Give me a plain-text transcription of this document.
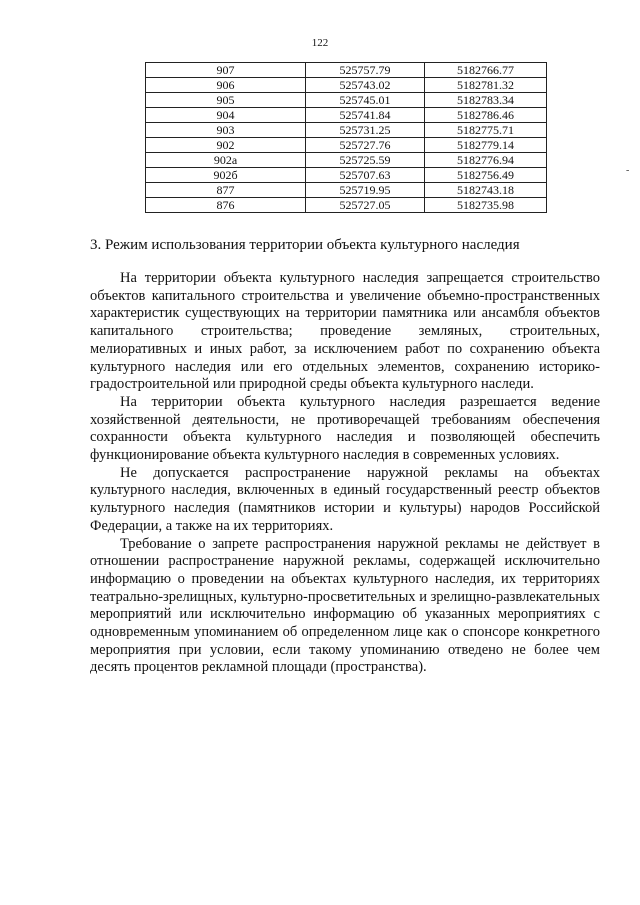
122
907	525757.79	5182766.77
906	525743.02	5182781.32
905	525745.01	5182783.34
904	525741.84	5182786.46
903	525731.25	5182775.71
902	525727.76	5182779.14
902а	525725.59	5182776.94
902б	525707.63	5182756.49
877	525719.95	5182743.18
876	525727.05	5182735.98
-
3. Режим использования территории объекта культурного наследия

На территории объекта культурного наследия запрещается строительство объектов капитального строительства и увеличение объемно-пространственных характеристик существующих на территории памятника или ансамбля объектов капитального строительства; проведение земляных, строительных, мелиоративных и иных работ, за исключением работ по сохранению объекта культурного наследия или его отдельных элементов, сохранению историко-градостроительной или природной среды объекта культурного наследи.

На территории объекта культурного наследия разрешается ведение хозяйственной деятельности, не противоречащей требованиям обеспечения сохранности объекта культурного наследия и позволяющей обеспечить функционирование объекта культурного наследия в современных условиях.

Не допускается распространение наружной рекламы на объектах культурного наследия, включенных в единый государственный реестр объектов культурного наследия (памятников истории и культуры) народов Российской Федерации, а также на их территориях.

Требование о запрете распространения наружной рекламы не действует в отношении распространение наружной рекламы, содержащей исключительно информацию о проведении на объектах культурного наследия, их территориях театрально-зрелищных, культурно-просветительных и зрелищно-развлекательных мероприятий или исключительно информацию об указанных мероприятиях с одновременным упоминанием об определенном лице как о спонсоре конкретного мероприятия при условии, если такому упоминанию отведено не более чем десять процентов рекламной площади (пространства).
